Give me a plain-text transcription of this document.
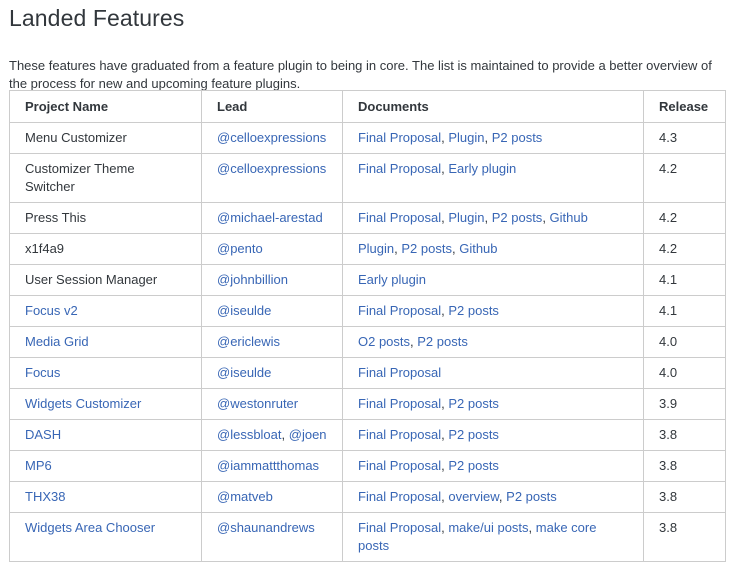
Landed Features

These features have graduated from a feature plugin to being in core. The list is maintained to provide a better overview of the process for new and upcoming feature plugins.

Project Name	Lead	Documents	Release
Menu Customizer	@celloexpressions	Final Proposal, Plugin, P2 posts	4.3
Customizer Theme Switcher	@celloexpressions	Final Proposal, Early plugin	4.2
Press This	@michael-arestad	Final Proposal, Plugin, P2 posts, Github	4.2
x1f4a9	@pento	Plugin, P2 posts, Github	4.2
User Session Manager	@johnbillion	Early plugin	4.1
Focus v2	@iseulde	Final Proposal, P2 posts	4.1
Media Grid	@ericlewis	O2 posts, P2 posts	4.0
Focus	@iseulde	Final Proposal	4.0
Widgets Customizer	@westonruter	Final Proposal, P2 posts	3.9
DASH	@lessbloat, @joen	Final Proposal, P2 posts	3.8
MP6	@iammattthomas	Final Proposal, P2 posts	3.8
THX38	@matveb	Final Proposal, overview, P2 posts	3.8
Widgets Area Chooser	@shaunandrews	Final Proposal, make/ui posts, make core posts	3.8
